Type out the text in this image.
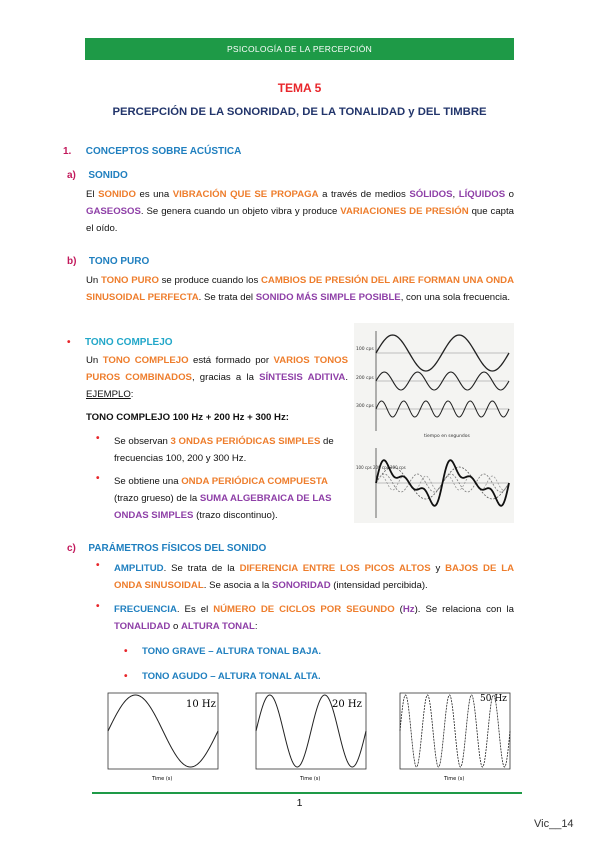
PSICOLOGÍA DE LA PERCEPCIÓN
TEMA 5
PERCEPCIÓN DE LA SONORIDAD, DE LA TONALIDAD y DEL TIMBRE
1. CONCEPTOS SOBRE ACÚSTICA
a) SONIDO
El SONIDO es una VIBRACIÓN QUE SE PROPAGA a través de medios SÓLIDOS, LÍQUIDOS o GASEOSOS. Se genera cuando un objeto vibra y produce VARIACIONES DE PRESIÓN que capta el oído.
b) TONO PURO
Un TONO PURO se produce cuando los CAMBIOS DE PRESIÓN DEL AIRE FORMAN UNA ONDA SINUSOIDAL PERFECTA. Se trata del SONIDO MÁS SIMPLE POSIBLE, con una sola frecuencia.
• TONO COMPLEJO
Un TONO COMPLEJO está formado por VARIOS TONOS PUROS COMBINADOS, gracias a la SÍNTESIS ADITIVA. EJEMPLO:
TONO COMPLEJO 100 Hz + 200 Hz + 300 Hz:
• Se observan 3 ONDAS PERIÓDICAS SIMPLES de frecuencias 100, 200 y 300 Hz.
• Se obtiene una ONDA PERIÓDICA COMPUESTA (trazo grueso) de la SUMA ALGEBRAICA DE LAS ONDAS SIMPLES (trazo discontinuo).
100 cps
200 cps
300 cps
tiempo en segundos
100 cps 200 cps 300 cps
c) PARÁMETROS FÍSICOS DEL SONIDO
• AMPLITUD. Se trata de la DIFERENCIA ENTRE LOS PICOS ALTOS y BAJOS DE LA ONDA SINUSOIDAL. Se asocia a la SONORIDAD (intensidad percibida).
• FRECUENCIA. Es el NÚMERO DE CICLOS POR SEGUNDO (Hz). Se relaciona con la TONALIDAD o ALTURA TONAL:
• TONO GRAVE – ALTURA TONAL BAJA.
• TONO AGUDO – ALTURA TONAL ALTA.
10 Hz
Time (s)
20 Hz
Time (s)
50 Hz
Time (s)
1
Vic__14
